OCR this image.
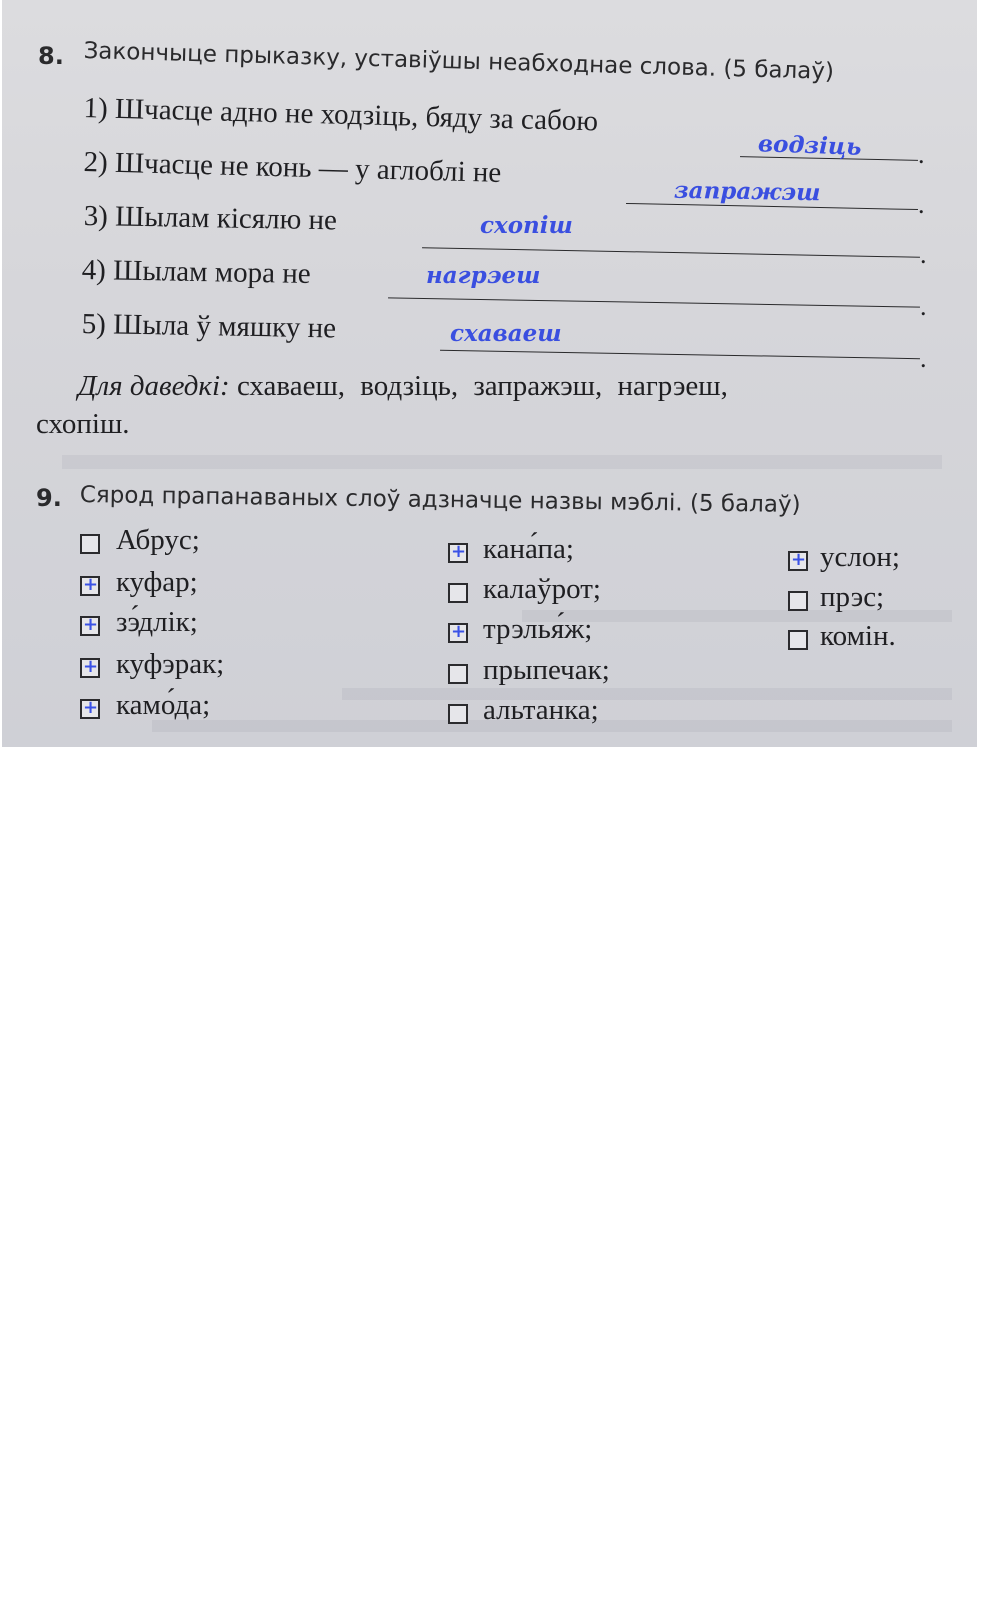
8. Закончыце прыказку, уставіўшы неабходнае слова. (5 балаў)
1) Шчасце адно не ходзіць, бяду за сабою
водзіць .
2) Шчасце не конь — у аглоблі не
запражэш	.
3) Шылам кісялю не	схопіш
.
4) Шылам мора не	нагрэеш
.
5) Шыла ў мяшку не	схаваеш
.
Для даведкі: схаваеш, водзіць, запражэш, нагрэеш,
схопіш.
9. Сярод прапанаваных слоў адзначце назвы мэблі. (5 балаў)
Абрус;
+ куфар;
+ зэ́длік;
+ куфэрак;
+ камо́да;
+ кана́па;
калаўрот;
+ трэлья́ж;
прыпечак;
альтанка;
+ услон;
прэс;
комін.
